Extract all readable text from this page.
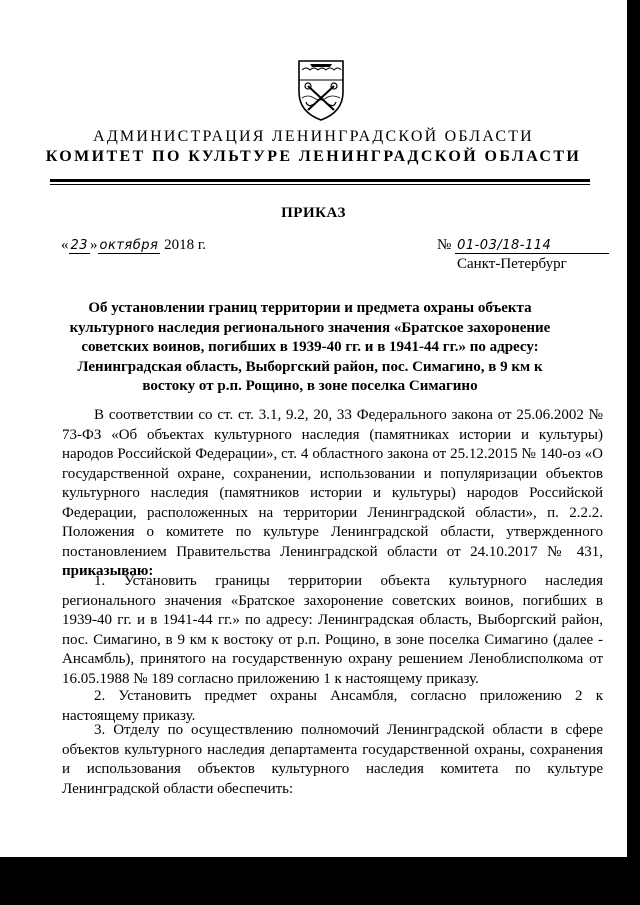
АДМИНИСТРАЦИЯ ЛЕНИНГРАДСКОЙ ОБЛАСТИ
КОМИТЕТ ПО КУЛЬТУРЕ ЛЕНИНГРАДСКОЙ ОБЛАСТИ
ПРИКАЗ
« 23 » октября 2018 г.	№ 01-03/18-114
Санкт-Петербург
Об установлении границ территории и предмета охраны объекта культурного наследия регионального значения «Братское захоронение советских воинов, погибших в 1939-40 гг. и в 1941-44 гг.» по адресу: Ленинградская область, Выборгский район, пос. Симагино, в 9 км к востоку от р.п. Рощино, в зоне поселка Симагино

В соответствии со ст. ст. 3.1, 9.2, 20, 33 Федерального закона от 25.06.2002 № 73-ФЗ «Об объектах культурного наследия (памятниках истории и культуры) народов Российской Федерации», ст. 4 областного закона от 25.12.2015 № 140-оз «О государственной охране, сохранении, использовании и популяризации объектов культурного наследия (памятников истории и культуры) народов Российской Федерации, расположенных на территории Ленинградской области», п. 2.2.2. Положения о комитете по культуре Ленинградской области, утвержденного постановлением Правительства Ленинградской области от 24.10.2017 № 431, приказываю:

1. Установить границы территории объекта культурного наследия регионального значения «Братское захоронение советских воинов, погибших в 1939-40 гг. и в 1941-44 гг.» по адресу: Ленинградская область, Выборгский район, пос. Симагино, в 9 км к востоку от р.п. Рощино, в зоне поселка Симагино (далее - Ансамбль), принятого на государственную охрану решением Леноблисполкома от 16.05.1988 № 189 согласно приложению 1 к настоящему приказу.

2. Установить предмет охраны Ансамбля, согласно приложению 2 к настоящему приказу.

3. Отделу по осуществлению полномочий Ленинградской области в сфере объектов культурного наследия департамента государственной охраны, сохранения и использования объектов культурного наследия комитета по культуре Ленинградской области обеспечить:
